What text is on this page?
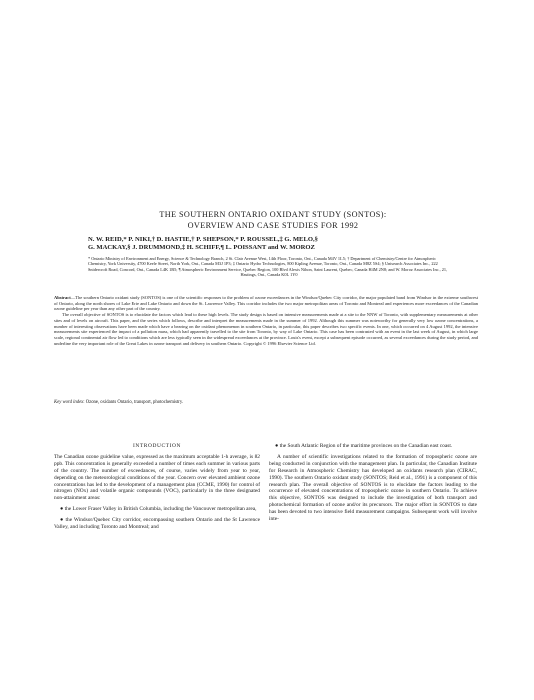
THE SOUTHERN ONTARIO OXIDANT STUDY (SONTOS):
OVERVIEW AND CASE STUDIES FOR 1992
N. W. REID,* P. NIKI,† D. HASTIE,† P. SHEPSON,* P. ROUSSEL,‡ G. MELO,§
G. MACKAY,§ J. DRUMMOND,‡ H. SCHIFF,¶ L. POISSANT and W. MOROZ
* Ontario Ministry of Environment and Energy, Science & Technology Branch, 2 St. Clair Avenue West, 14th Floor, Toronto, Ont., Canada M4V 1L5; † Department of Chemistry/Centre for Atmospheric Chemistry, York University, 4700 Keele Street, North York, Ont., Canada M3J 1P3; ‡ Ontario Hydro Technologies, 800 Kipling Avenue, Toronto, Ont., Canada M8Z 5S4; § Unisearch Associates Inc., 222 Snidercroft Road, Concord, Ont., Canada L4K 1B5; ¶ Atmospheric Environment Service, Quebec Region, 100 Blvd Alexis Nihon, Saint Laurent, Quebec, Canada H4M 2N8; and W. Moroz Associates Inc., 21,
Hastings, Ont., Canada K0L 1Y0

Abstract—The southern Ontario oxidant study (SONTOS) is one of the scientific responses to the problem of ozone exceedances in the Windsor/Quebec City corridor, the major populated band from Windsor in the extreme southwest of Ontario, along the north shores of Lake Erie and Lake Ontario and down the St. Lawrence Valley. This corridor includes the two major metropolitan areas of Toronto and Montreal and experiences more exceedances of the Canadian ozone guideline per year than any other part of the country.

The overall objective of SONTOS is to elucidate the factors which lead to these high levels. The study design is based on intensive measurements made at a site to the NNW of Toronto, with supplementary measurements at other sites and of levels on aircraft. This paper, and the series which follows, describe and interpret the measurements made in the summer of 1992. Although this summer was noteworthy for generally very low ozone concentrations, a number of interesting observations have been made which have a bearing on the oxidant phenomenon in southern Ontario, in particular, this paper describes two specific events. In one, which occurred on 4 August 1992, the intensive measurements site experienced the impact of a pollution mass, which had apparently travelled to the site from Toronto, by way of Lake Ontario. This case has been contrasted with an event in the last week of August, in which large scale, regional continental air flow led to conditions which are less typically seen in the widespread exceedances at the province. Louis's event, except a subsequent episode occurred, as several exceedances during the study period, and underline the very important role of the Great Lakes in ozone transport and delivery in southern Ontario. Copyright © 1996 Elsevier Science Ltd.

Key word index: Ozone, oxidants Ontario, transport, photochemistry.
INTRODUCTION

The Canadian ozone guideline value, expressed as the maximum acceptable 1-h average, is 82 ppb. This concentration is generally exceeded a number of times each summer in various parts of the country. The number of exceedances, of course, varies widely from year to year, depending on the meteorological conditions of the year. Concern over elevated ambient ozone concentrations has led to the development of a management plan (CCME, 1990) for control of nitrogen (NOx) and volatile organic compounds (VOC), particularly in the three designated non-attainment areas:

● the Lower Fraser Valley in British Columbia, including the Vancouver metropolitan area,

● the Windsor/Quebec City corridor, encompassing southern Ontario and the St Lawrence Valley, and including Toronto and Montreal; and

● the South Atlantic Region of the maritime provinces on the Canadian east coast.

A number of scientific investigations related to the formation of tropospheric ozone are being conducted in conjunction with the management plan. In particular, the Canadian Institute for Research in Atmospheric Chemistry has developed an oxidants research plan (CIRAC, 1990). The southern Ontario oxidant study (SONTOS; Reid et al., 1991) is a component of this research plan. The overall objective of SONTOS is to elucidate the factors leading to the occurrence of elevated concentrations of tropospheric ozone in southern Ontario. To achieve this objective, SONTOS was designed to include the investigation of both transport and photochemical formation of ozone and/or its precursors. The major effort in SONTOS to date has been devoted to two intensive field measurement campaigns. Subsequent work will involve inte-
